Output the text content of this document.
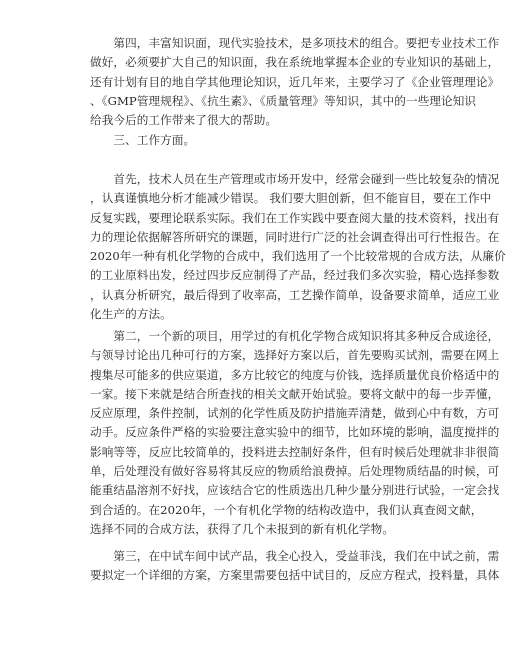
　　第四，丰富知识面，现代实验技术，是多项技术的组合。要把专业技术工作
做好，必须要扩大自己的知识面，我在系统地掌握本企业的专业知识的基础上，
还有计划有目的地自学其他理论知识，近几年来，主要学习了《企业管理理论》
、《GMP管理规程》、《抗生素》、《质量管理》等知识，其中的一些理论知识
给我今后的工作带来了很大的帮助。
　　三、工作方面。
　　首先，技术人员在生产管理或市场开发中，经常会碰到一些比较复杂的情况
，认真谨慎地分析才能减少错误。 我们要大胆创新，但不能盲目，要在工作中
反复实践，要理论联系实际。我们在工作实践中要查阅大量的技术资料，找出有
力的理论依据解答所研究的课题，同时进行广泛的社会调查得出可行性报告。在
2020年一种有机化学物的合成中，我们选用了一个比较常规的合成方法，从廉价
的工业原料出发，经过四步反应制得了产品，经过我们多次实验，精心选择参数
，认真分析研究，最后得到了收率高，工艺操作简单，设备要求简单，适应工业
化生产的方法。
　　第二，一个新的项目，用学过的有机化学物合成知识将其多种反合成途径，
与领导讨论出几种可行的方案，选择好方案以后，首先要购买试剂，需要在网上
搜集尽可能多的供应渠道，多方比较它的纯度与价钱，选择质量优良价格适中的
一家。接下来就是结合所查找的相关文献开始试验。要将文献中的每一步弄懂，
反应原理，条件控制，试剂的化学性质及防护措施弄清楚，做到心中有数，方可
动手。反应条件严格的实验要注意实验中的细节，比如环境的影响，温度搅拌的
影响等等，反应比较简单的，投料进去控制好条件，但有时候后处理就非非很简
单，后处理没有做好容易将其反应的物质给浪费掉。后处理物质结晶的时候，可
能重结晶溶剂不好找，应该结合它的性质选出几种少量分别进行试验，一定会找
到合适的。在2020年，一个有机化学物的结构改造中，我们认真查阅文献，
选择不同的合成方法，获得了几个未报到的新有机化学物。
　　第三，在中试车间中试产品，我全心投入，受益菲浅，我们在中试之前，需
要拟定一个详细的方案，方案里需要包括中试目的，反应方程式，投料量，具体
